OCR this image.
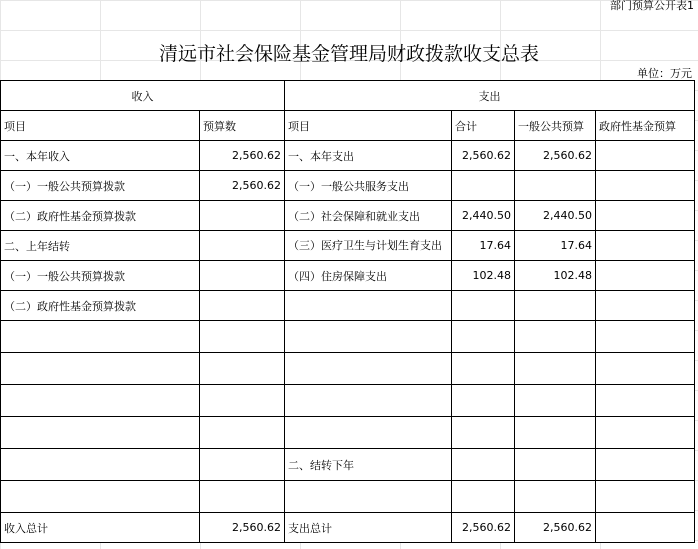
部门预算公开表1
清远市社会保险基金管理局财政拨款收支总表
单位：万元
收入		支出			
项目	预算数	项目	合计	一般公共预算	政府性基金预算
一、本年收入	2,560.62	一、本年支出	2,560.62	2,560.62	
（一）一般公共预算拨款	2,560.62	（一）一般公共服务支出			
（二）政府性基金预算拨款		（二）社会保障和就业支出	2,440.50	2,440.50	
二、上年结转		（三）医疗卫生与计划生育支出	17.64	17.64	
（一）一般公共预算拨款		（四）住房保障支出	102.48	102.48	
（二）政府性基金预算拨款					

		二、结转下年			

收入总计	2,560.62	支出总计	2,560.62	2,560.62	
